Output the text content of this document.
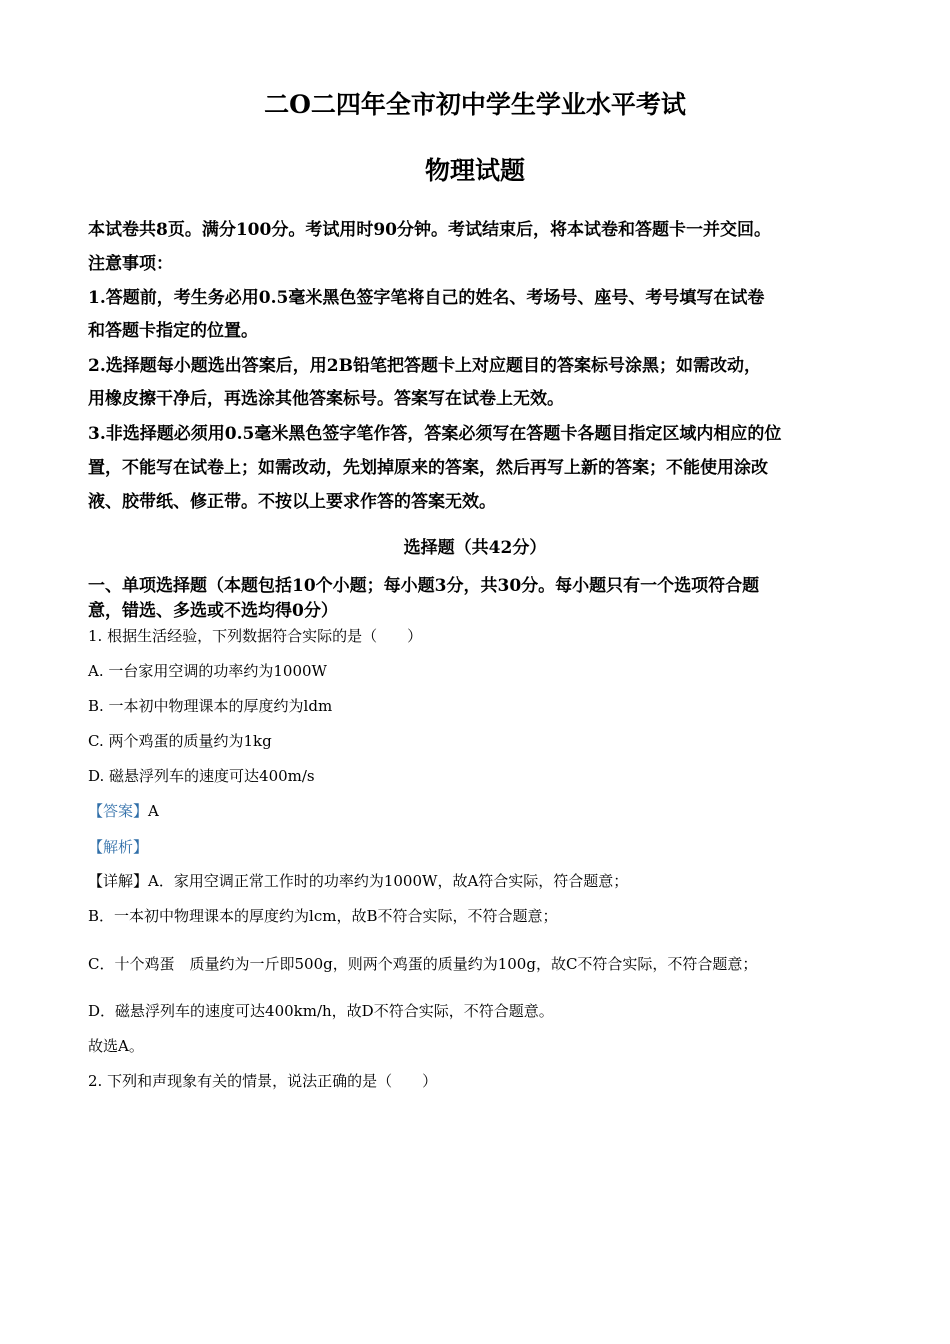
二O二四年全市初中学生学业水平考试
物理试题
本试卷共8页。满分100分。考试用时90分钟。考试结束后，将本试卷和答题卡一并交回。
注意事项：
1.答题前，考生务必用0.5毫米黑色签字笔将自己的姓名、考场号、座号、考号填写在试卷
和答题卡指定的位置。
2.选择题每小题选出答案后，用2B铅笔把答题卡上对应题目的答案标号涂黑；如需改动，
用橡皮擦干净后，再选涂其他答案标号。答案写在试卷上无效。
3.非选择题必须用0.5毫米黑色签字笔作答，答案必须写在答题卡各题目指定区域内相应的位
置，不能写在试卷上；如需改动，先划掉原来的答案，然后再写上新的答案；不能使用涂改
液、胶带纸、修正带。不按以上要求作答的答案无效。
选择题（共42分）
一、单项选择题（本题包括10个小题；每小题3分，共30分。每小题只有一个选项符合题
意，错选、多选或不选均得0分）
1. 根据生活经验，下列数据符合实际的是（　　）
A. 一台家用空调的功率约为1000W
B. 一本初中物理课本的厚度约为ldm
C. 两个鸡蛋的质量约为1kg
D. 磁悬浮列车的速度可达400m/s
【答案】A
【解析】
【详解】A．家用空调正常工作时的功率约为1000W，故A符合实际，符合题意；
B．一本初中物理课本的厚度约为lcm，故B不符合实际，不符合题意；
C．十个鸡蛋　质量约为一斤即500g，则两个鸡蛋的质量约为100g，故C不符合实际，不符合题意；
D．磁悬浮列车的速度可达400km/h，故D不符合实际，不符合题意。
故选A。
2. 下列和声现象有关的情景，说法正确的是（　　）
